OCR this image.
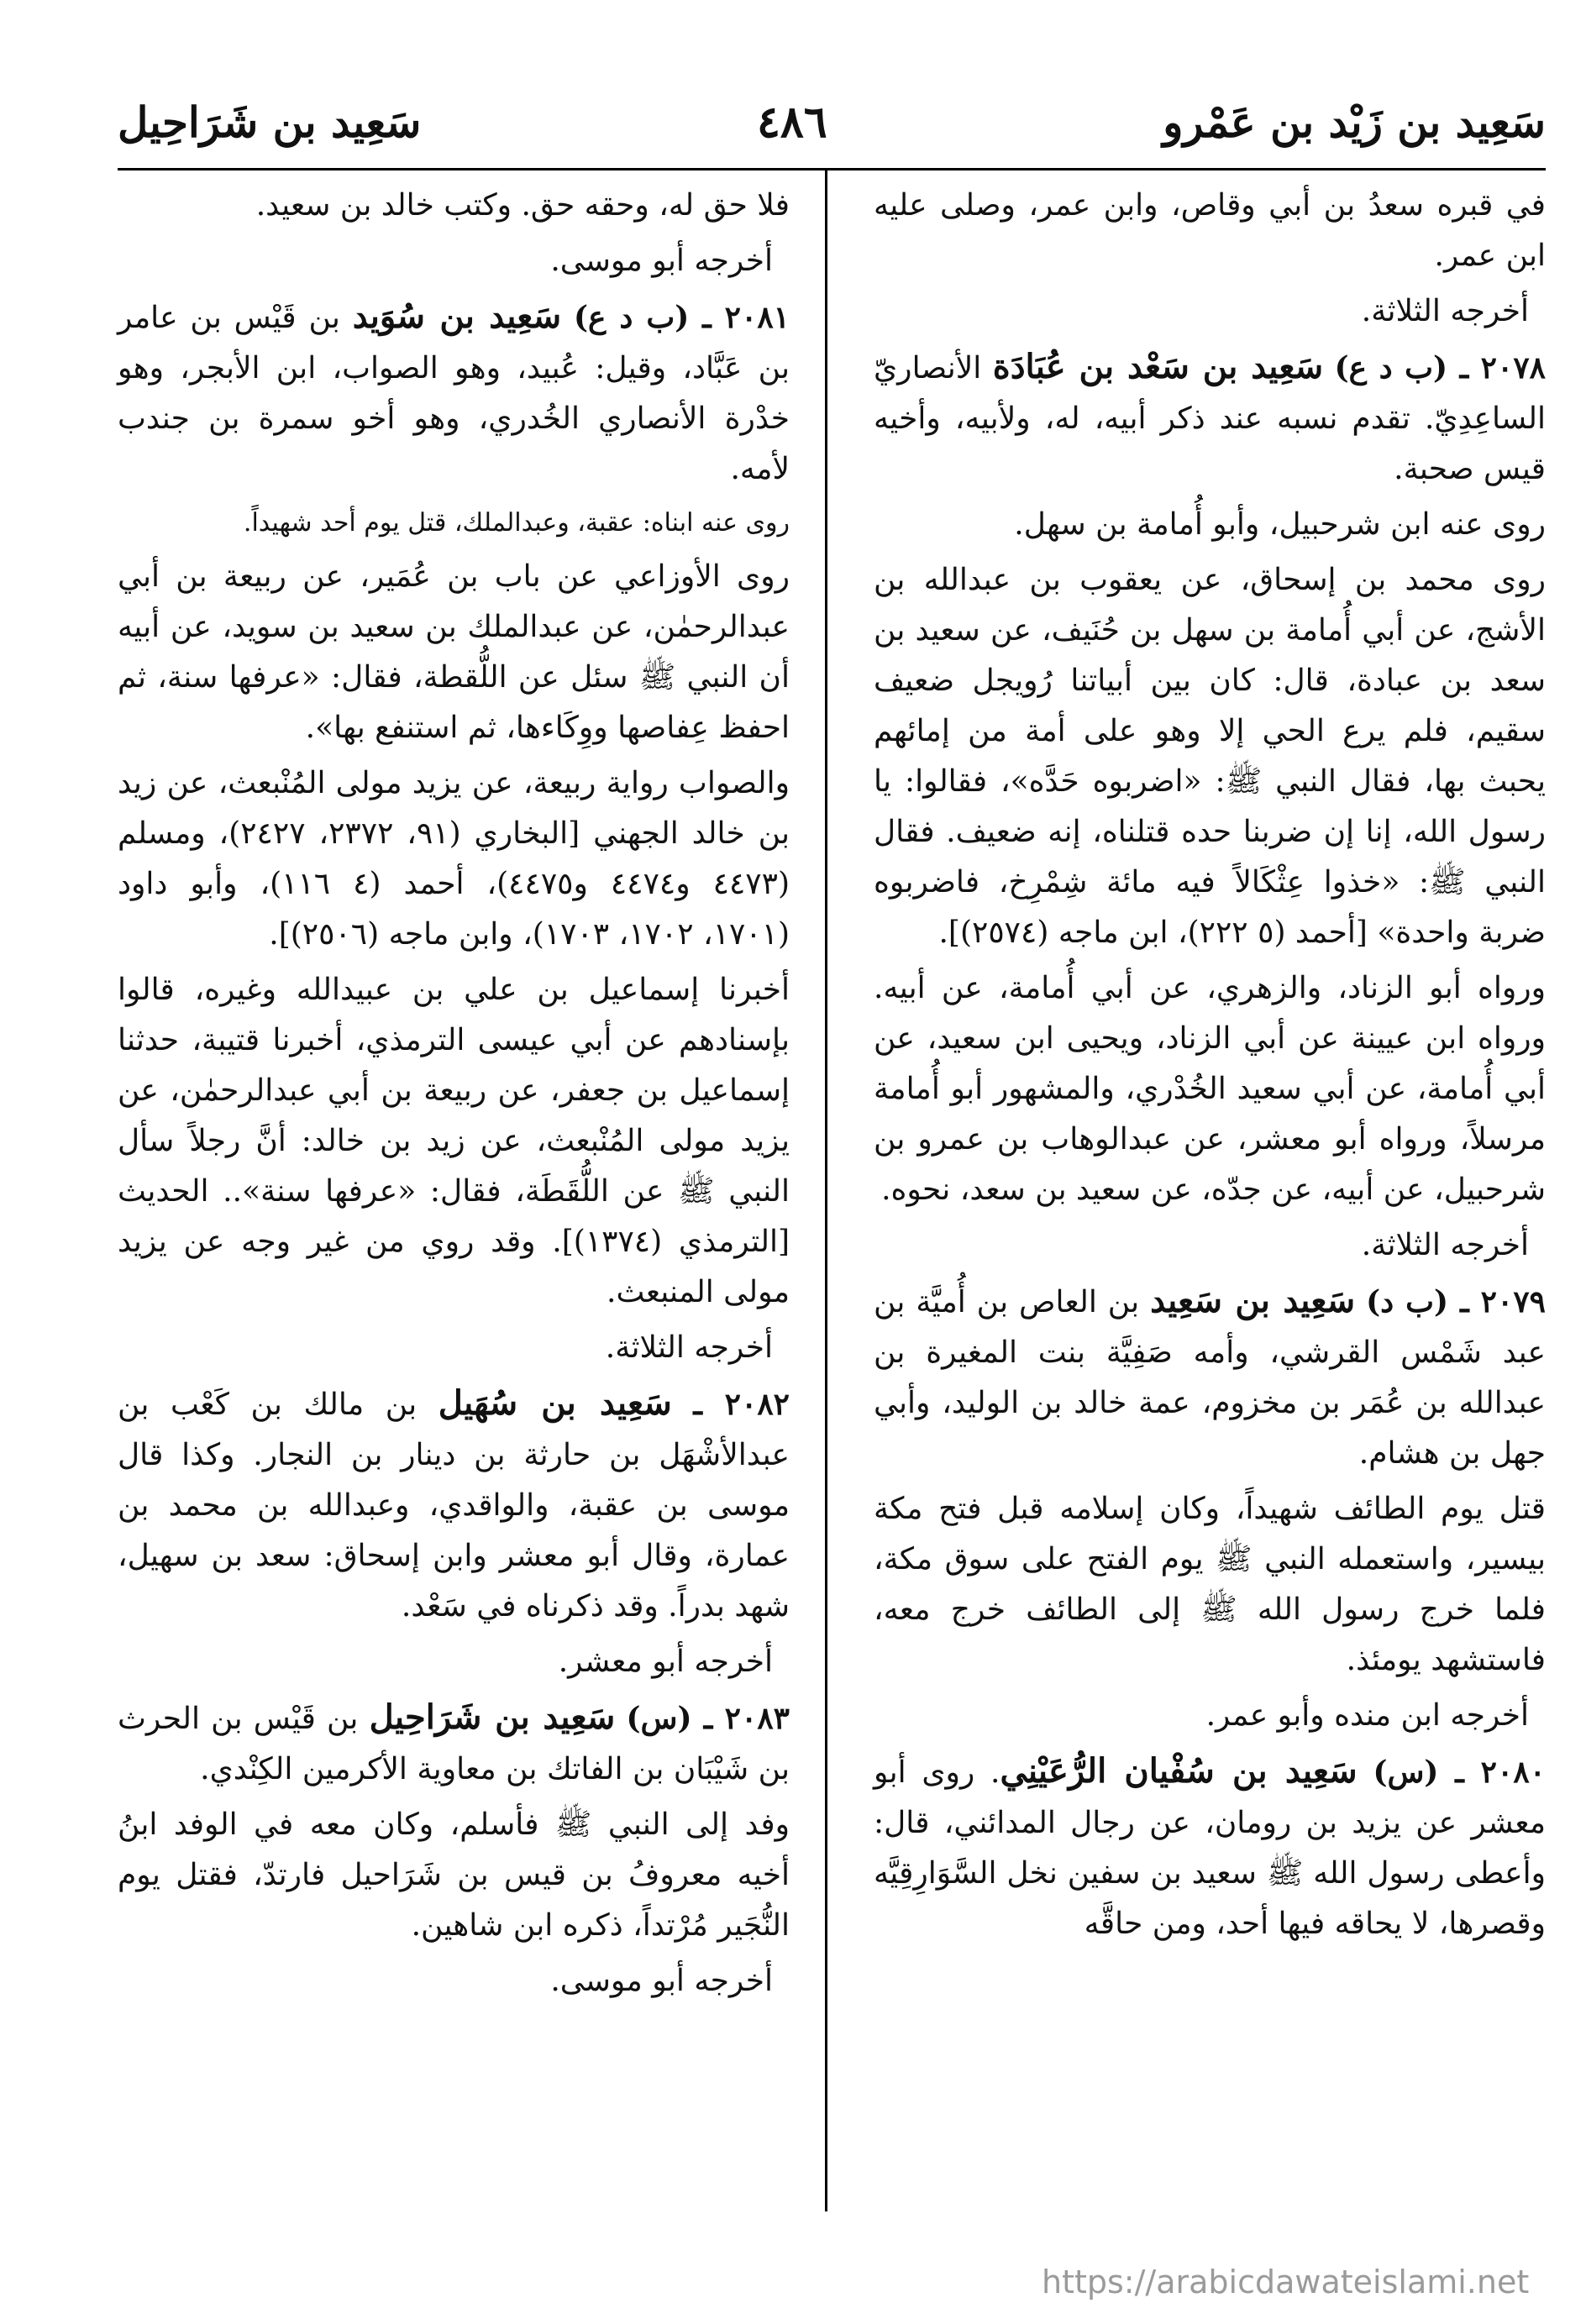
سَعِيد بن زَيْد بن عَمْرو
٤٨٦
سَعِيد بن شَرَاحِيل

في قبره سعدُ بن أبي وقاص، وابن عمر، وصلى عليه ابن عمر.

أخرجه الثلاثة.

٢٠٧٨ ـ (ب د ع) سَعِيد بن سَعْد بن عُبَادَة الأنصاريّ الساعِدِيّ. تقدم نسبه عند ذكر أبيه، له، ولأبيه، وأخيه قيس صحبة.

روى عنه ابن شرحبيل، وأبو أُمامة بن سهل.

روى محمد بن إسحاق، عن يعقوب بن عبدالله بن الأشج، عن أبي أُمامة بن سهل بن حُنَيف، عن سعيد بن سعد بن عبادة، قال: كان بين أبياتنا رُويجل ضعيف سقيم، فلم يرع الحي إلا وهو على أمة من إمائهم يحبث بها، فقال النبي ﷺ: «اضربوه حَدَّه»، فقالوا: يا رسول الله، إنا إن ضربنا حده قتلناه، إنه ضعيف. فقال النبي ﷺ: «خذوا عِثْكَالاً فيه مائة شِمْرِخ، فاضربوه ضربة واحدة» [أحمد (٥ ٢٢٢)، ابن ماجه (٢٥٧٤)].

ورواه أبو الزناد، والزهري، عن أبي أُمامة، عن أبيه. ورواه ابن عيينة عن أبي الزناد، ويحيى ابن سعيد، عن أبي أُمامة، عن أبي سعيد الخُدْري، والمشهور أبو أُمامة مرسلاً، ورواه أبو معشر، عن عبدالوهاب بن عمرو بن شرحبيل، عن أبيه، عن جدّه، عن سعيد بن سعد، نحوه.

أخرجه الثلاثة.

٢٠٧٩ ـ (ب د) سَعِيد بن سَعِيد بن العاص بن أُميَّة بن عبد شَمْس القرشي، وأمه صَفِيَّة بنت المغيرة بن عبدالله بن عُمَر بن مخزوم، عمة خالد بن الوليد، وأبي جهل بن هشام.

قتل يوم الطائف شهيداً، وكان إسلامه قبل فتح مكة بيسير، واستعمله النبي ﷺ يوم الفتح على سوق مكة، فلما خرج رسول الله ﷺ إلى الطائف خرج معه، فاستشهد يومئذ.

أخرجه ابن منده وأبو عمر.

٢٠٨٠ ـ (س) سَعِيد بن سُفْيان الرُّعَيْنِي. روى أبو معشر عن يزيد بن رومان، عن رجال المدائني، قال: وأعطى رسول الله ﷺ سعيد بن سفين نخل السَّوَارِقِيَّه وقصرها، لا يحاقه فيها أحد، ومن حاقَّه

فلا حق له، وحقه حق. وكتب خالد بن سعيد.

أخرجه أبو موسى.

٢٠٨١ ـ (ب د ع) سَعِيد بن سُوَيد بن قَيْس بن عامر بن عَبَّاد، وقيل: عُبيد، وهو الصواب، ابن الأبجر، وهو خدْرة الأنصاري الخُدري، وهو أخو سمرة بن جندب لأمه.

روى عنه ابناه: عقبة، وعبدالملك، قتل يوم أحد شهيداً.

روى الأوزاعي عن باب بن عُمَير، عن ربيعة بن أبي عبدالرحمٰن، عن عبدالملك بن سعيد بن سويد، عن أبيه أن النبي ﷺ سئل عن اللُّقطة، فقال: «عرفها سنة، ثم احفظ عِفاصها ووِكَاءها، ثم استنفع بها».

والصواب رواية ربيعة، عن يزيد مولى المُنْبعث، عن زيد بن خالد الجهني [البخاري (٩١، ٢٣٧٢، ٢٤٢٧)، ومسلم (٤٤٧٣ و٤٤٧٤ و٤٤٧٥)، أحمد (٤ ١١٦)، وأبو داود (١٧٠١، ١٧٠٢، ١٧٠٣)، وابن ماجه (٢٥٠٦)].

أخبرنا إسماعيل بن علي بن عبيدالله وغيره، قالوا بإسنادهم عن أبي عيسى الترمذي، أخبرنا قتيبة، حدثنا إسماعيل بن جعفر، عن ربيعة بن أبي عبدالرحمٰن، عن يزيد مولى المُنْبعث، عن زيد بن خالد: أنَّ رجلاً سأل النبي ﷺ عن اللُّقَطَة، فقال: «عرفها سنة».. الحديث [الترمذي (١٣٧٤)]. وقد روي من غير وجه عن يزيد مولى المنبعث.

أخرجه الثلاثة.

٢٠٨٢ ـ سَعِيد بن سُهَيل بن مالك بن كَعْب بن عبدالأشْهَل بن حارثة بن دينار بن النجار. وكذا قال موسى بن عقبة، والواقدي، وعبدالله بن محمد بن عمارة، وقال أبو معشر وابن إسحاق: سعد بن سهيل، شهد بدراً. وقد ذكرناه في سَعْد.

أخرجه أبو معشر.

٢٠٨٣ ـ (س) سَعِيد بن شَرَاحِيل بن قَيْس بن الحرث بن شَيْبَان بن الفاتك بن معاوية الأكرمين الكِنْدي.

وفد إلى النبي ﷺ فأسلم، وكان معه في الوفد ابنُ أخيه معروفُ بن قيس بن شَرَاحيل فارتدّ، فقتل يوم النُّجَير مُرْتداً، ذكره ابن شاهين.

أخرجه أبو موسى.

https://arabicdawateislami.net
